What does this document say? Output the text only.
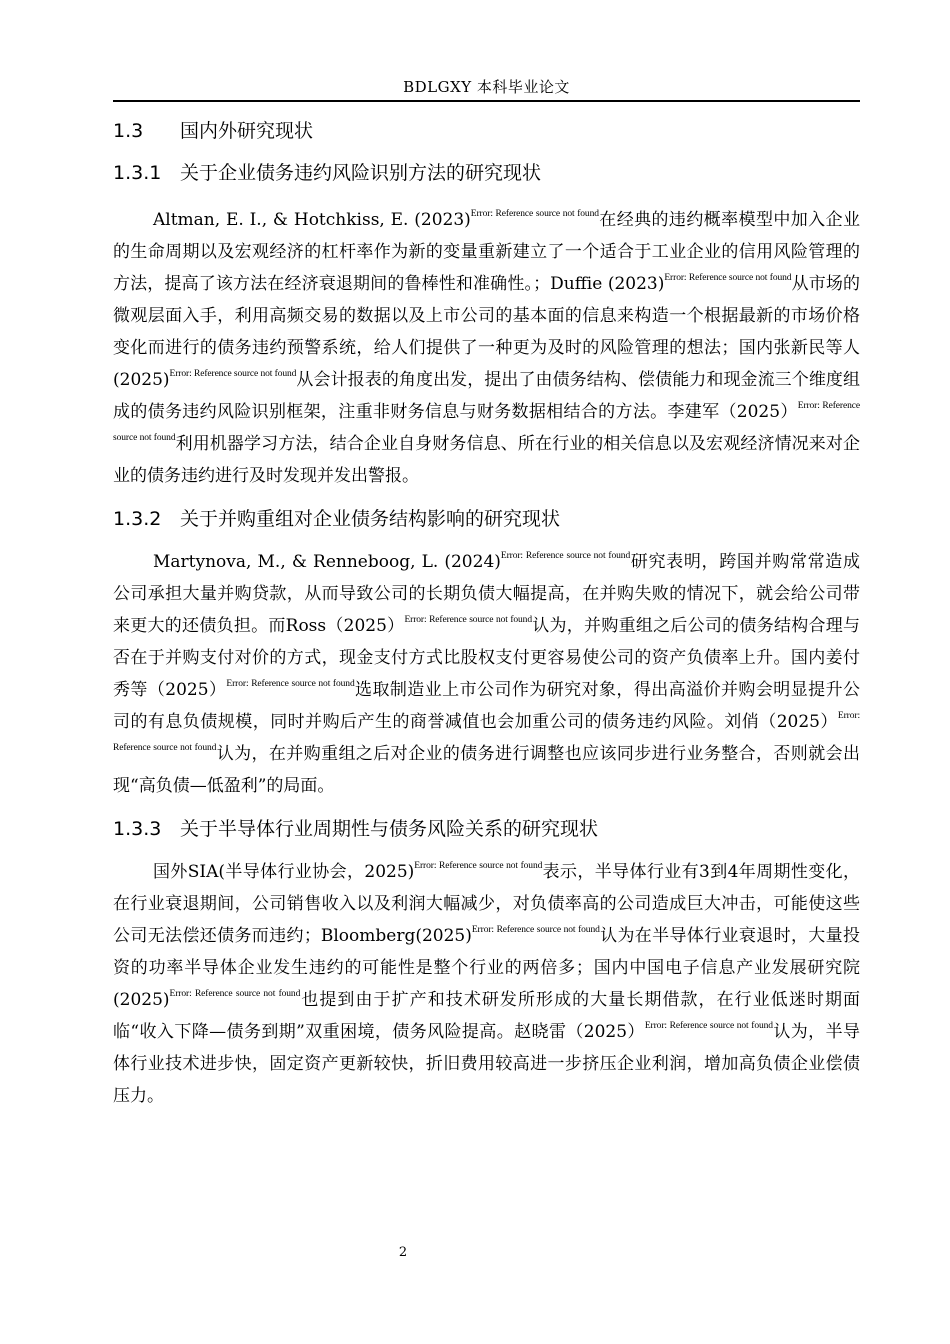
BDLGXY 本科毕业论文
1.3 国内外研究现状
1.3.1 关于企业债务违约风险识别方法的研究现状

Altman, E. I., & Hotchkiss, E. $(2023)^{Error: Reference source not found}$在经典的违约概率模型中加入企业的生命周期以及宏观经济的杠杆率作为新的变量重新建立了一个适合于工业企业的信用风险管理的方法，提高了该方法在经济衰退期间的鲁棒性和准确性。；Duffie $(2023)^{Error: Reference source not found}$从市场的微观层面入手，利用高频交易的数据以及上市公司的基本面的信息来构造一个根据最新的市场价格变化而进行的债务违约预警系统，给人们提供了一种更为及时的风险管理的想法；国内张新民等人$(2025)^{Error: Reference source not found}$从会计报表的角度出发，提出了由债务结构、偿债能力和现金流三个维度组成的债务违约风险识别框架，注重非财务信息与财务数据相结合的方法。李建军$(2025)^{Error: Reference source not found}$利用机器学习方法，结合企业自身财务信息、所在行业的相关信息以及宏观经济情况来对企业的债务违约进行及时发现并发出警报。

1.3.2 关于并购重组对企业债务结构影响的研究现状

Martynova, M., & Renneboog, L. $(2024)^{Error: Reference source not found}$研究表明，跨国并购常常造成公司承担大量并购贷款，从而导致公司的长期负债大幅提高，在并购失败的情况下，就会给公司带来更大的还债负担。而$Ross(2025)^{Error: Reference source not found}$认为，并购重组之后公司的债务结构合理与否在于并购支付对价的方式，现金支付方式比股权支付更容易使公司的资产负债率上升。国内姜付秀等$(2025)^{Error: Reference source not found}$选取制造业上市公司作为研究对象，得出高溢价并购会明显提升公司的有息负债规模，同时并购后产生的商誉减值也会加重公司的债务违约风险。刘俏$(2025)^{Error: Reference source not found}$认为，在并购重组之后对企业的债务进行调整也应该同步进行业务整合，否则就会出现“高负债—低盈利”的局面。

1.3.3 关于半导体行业周期性与债务风险关系的研究现状

国外SIA(半导体行业协会，2025)$^{Error: Reference source not found}$表示，半导体行业有3到4年周期性变化，在行业衰退期间，公司销售收入以及利润大幅减少，对负债率高的公司造成巨大冲击，可能使这些公司无法偿还债务而违约；$Bloomberg(2025)^{Error: Reference source not found}$认为在半导体行业衰退时，大量投资的功率半导体企业发生违约的可能性是整个行业的两倍多；国内中国电子信息产业发展研究院$(2025)^{Error: Reference source not found}$也提到由于扩产和技术研发所形成的大量长期借款，在行业低迷时期面临“收入下降—债务到期”双重困境，债务风险提高。赵晓雷$(2025)^{Error: Reference source not found}$认为，半导体行业技术进步快，固定资产更新较快，折旧费用较高进一步挤压企业利润，增加高负债企业偿债压力。

2
